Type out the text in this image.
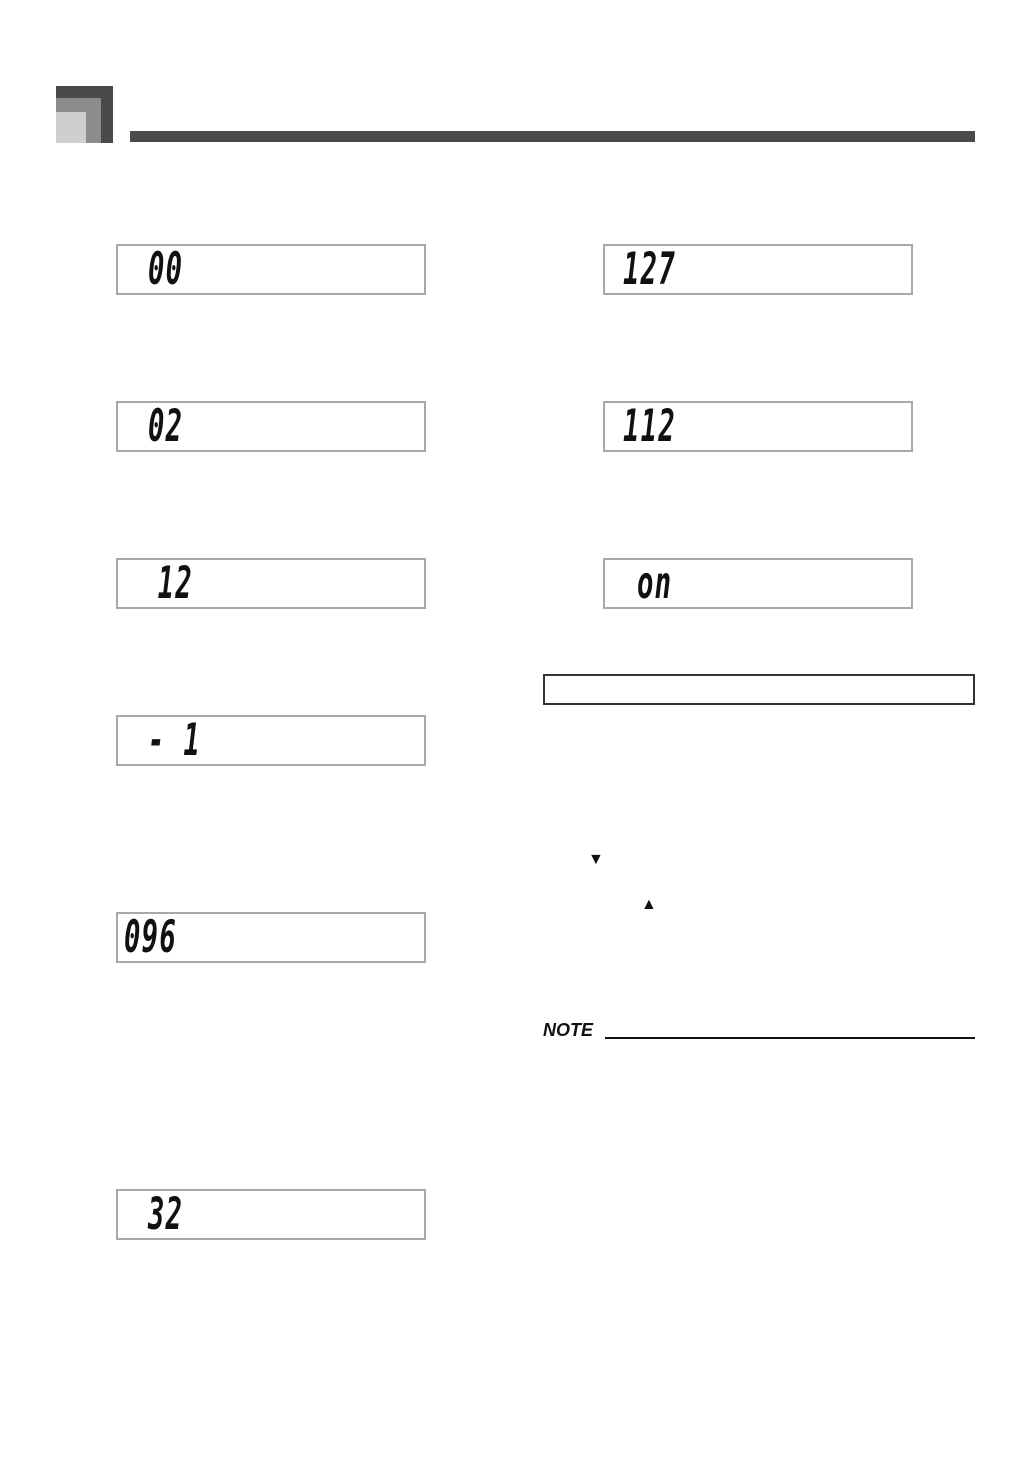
00
02
12
- 1
096
32
127
112
on
▼
▲
NOTE
